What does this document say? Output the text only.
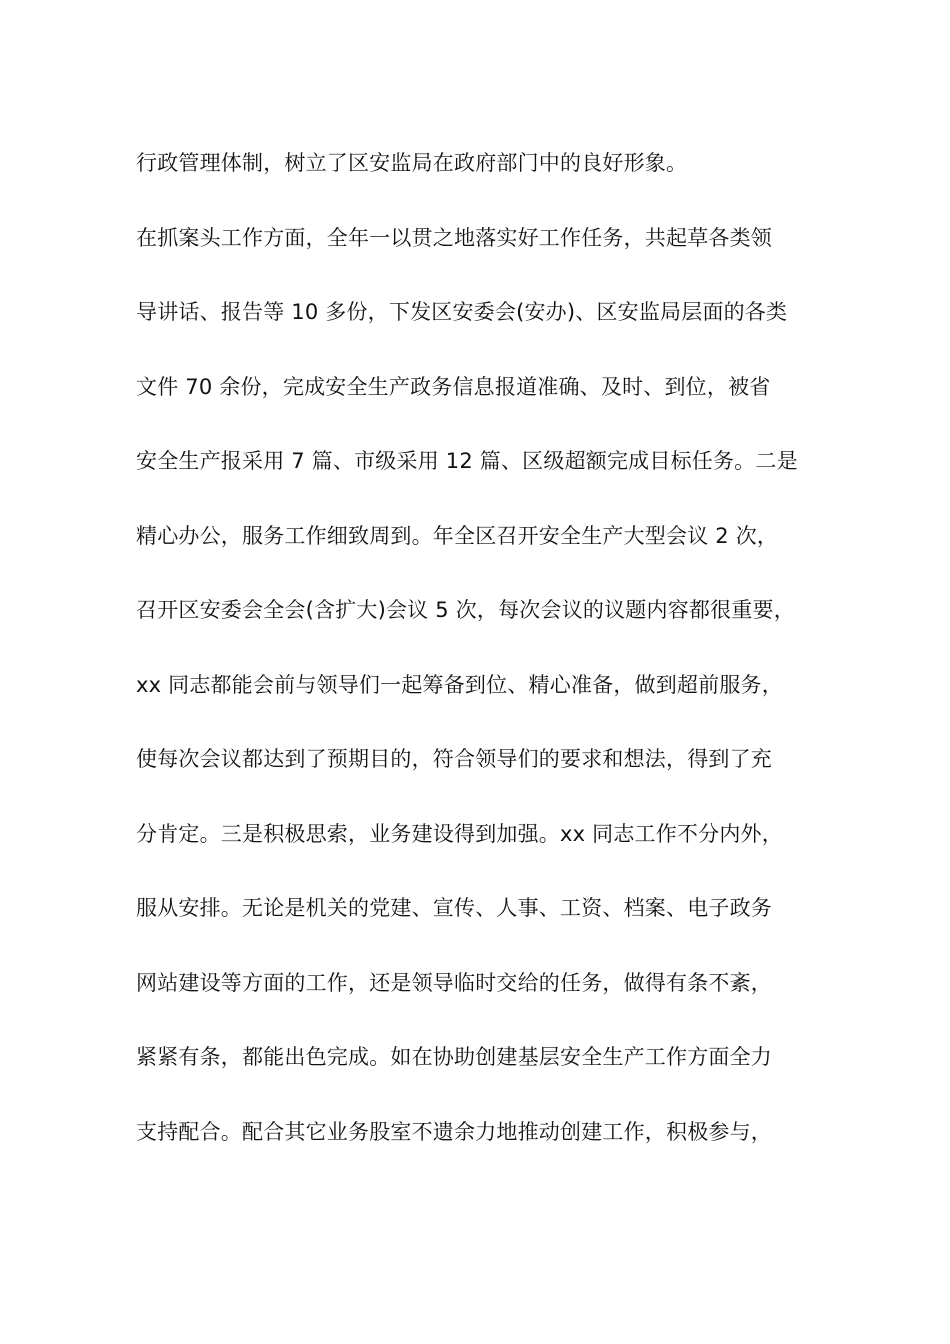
行政管理体制，树立了区安监局在政府部门中的良好形象。
在抓案头工作方面，全年一以贯之地落实好工作任务，共起草各类领
导讲话、报告等 10 多份，下发区安委会(安办)、区安监局层面的各类
文件 70 余份，完成安全生产政务信息报道准确、及时、到位，被省
安全生产报采用 7 篇、市级采用 12 篇、区级超额完成目标任务。二是
精心办公，服务工作细致周到。年全区召开安全生产大型会议 2 次，
召开区安委会全会(含扩大)会议 5 次，每次会议的议题内容都很重要，
xx 同志都能会前与领导们一起筹备到位、精心准备，做到超前服务，
使每次会议都达到了预期目的，符合领导们的要求和想法，得到了充
分肯定。三是积极思索，业务建设得到加强。xx 同志工作不分内外，
服从安排。无论是机关的党建、宣传、人事、工资、档案、电子政务
网站建设等方面的工作，还是领导临时交给的任务，做得有条不紊，
紧紧有条，都能出色完成。如在协助创建基层安全生产工作方面全力
支持配合。配合其它业务股室不遗余力地推动创建工作，积极参与，
